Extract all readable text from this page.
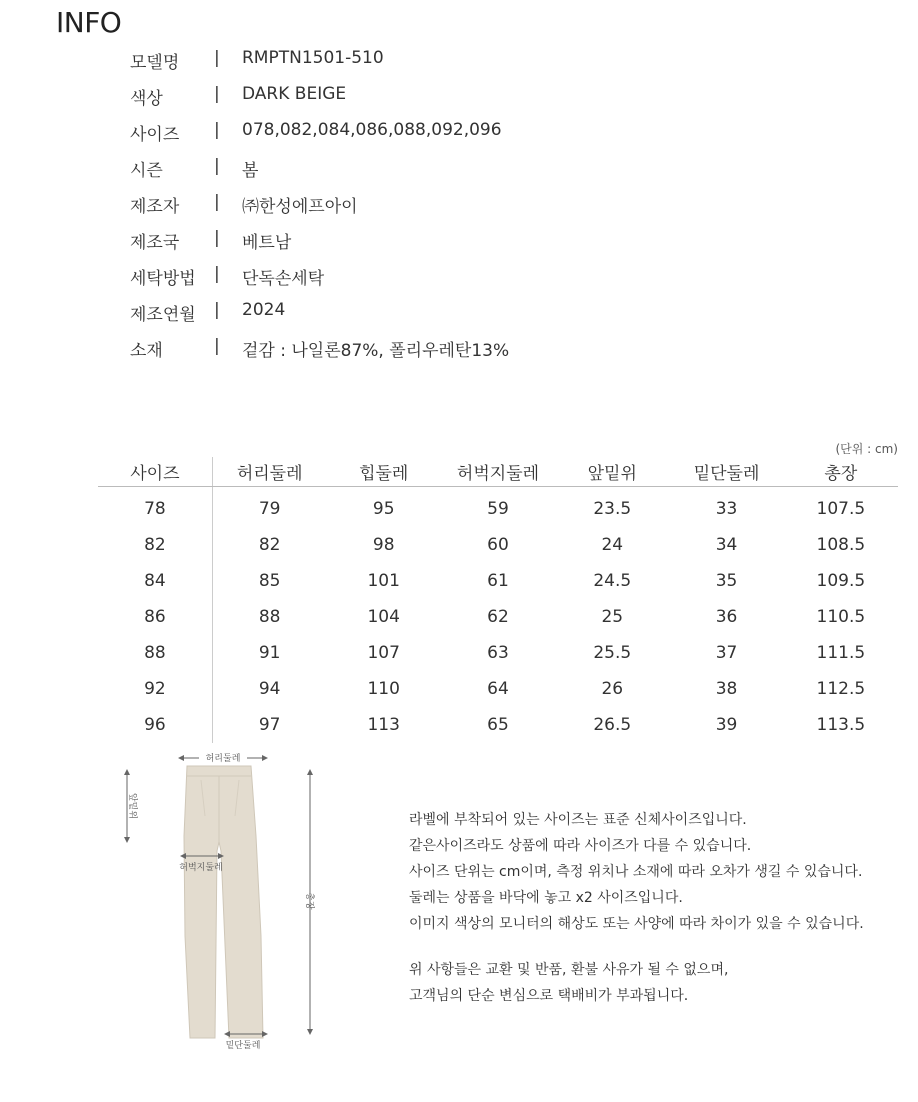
INFO
모델명 | RMPTN1501-510
색상	| DARK BEIGE
사이즈 | 078,082,084,086,088,092,096
시즌	| 봄
제조자 | ㈜한성에프아이
제조국 | 베트남
세탁방법 | 단독손세탁
제조연월 | 2024
소재	| 겉감 : 나일론87%, 폴리우레탄13%
(단위 : cm)
사이즈	허리둘레	힙둘레	허벅지둘레	앞밑위	밑단둘레	총장
78	79	95	59	23.5	33	107.5
82	82	98	60	24	34	108.5
84	85	101	61	24.5	35	109.5
86	88	104	62	25	36	110.5
88	91	107	63	25.5	37	111.5
92	94	110	64	26	38	112.5
96	97	113	65	26.5	39	113.5
허리둘레
앞밑위
허벅지둘레
총장
밑단둘레
라벨에 부착되어 있는 사이즈는 표준 신체사이즈입니다.
같은사이즈라도 상품에 따라 사이즈가 다를 수 있습니다.
사이즈 단위는 cm이며, 측정 위치나 소재에 따라 오차가 생길 수 있습니다.
둘레는 상품을 바닥에 놓고 x2 사이즈입니다.
이미지 색상의 모니터의 해상도 또는 사양에 따라 차이가 있을 수 있습니다.
위 사항들은 교환 및 반품, 환불 사유가 될 수 없으며,
고객님의 단순 변심으로 택배비가 부과됩니다.
